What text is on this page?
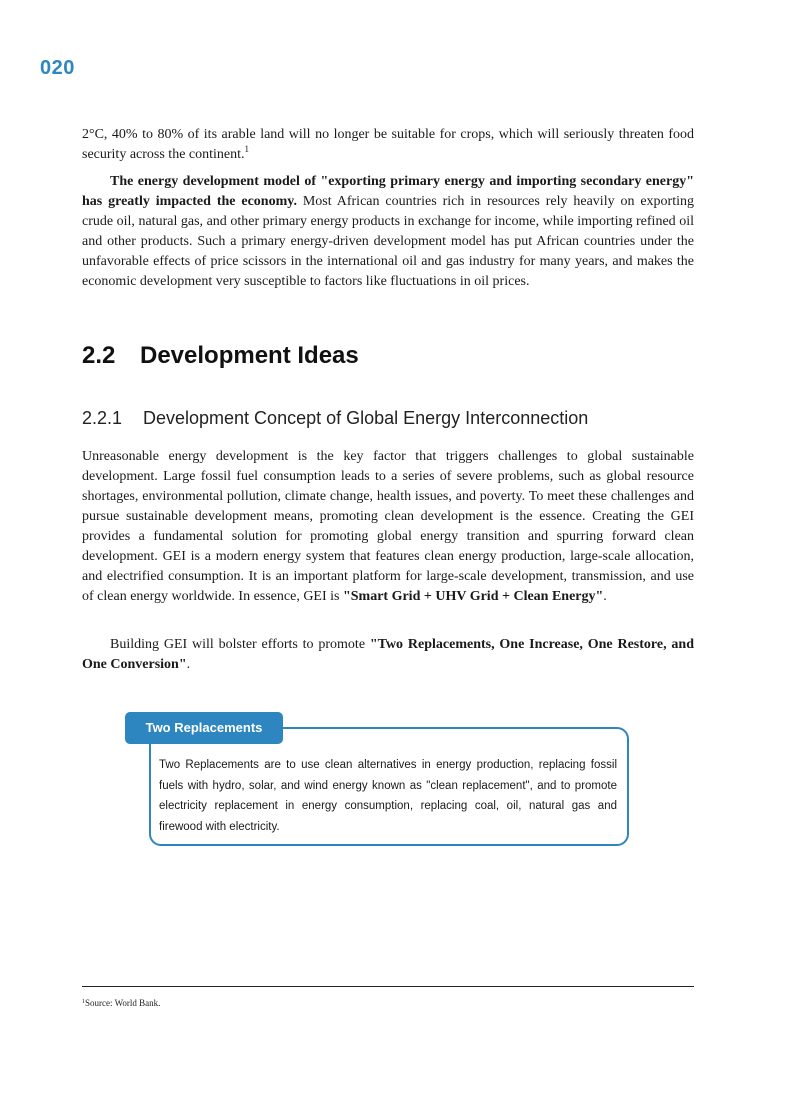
020

2°C, 40% to 80% of its arable land will no longer be suitable for crops, which will seriously threaten food security across the continent.$^1$

The energy development model of "exporting primary energy and importing secondary energy" has greatly impacted the economy. Most African countries rich in resources rely heavily on exporting crude oil, natural gas, and other primary energy products in exchange for income, while importing refined oil and other products. Such a primary energy-driven development model has put African countries under the unfavorable effects of price scissors in the international oil and gas industry for many years, and makes the economic development very susceptible to factors like fluctuations in oil prices.

2.2 Development Ideas
2.2.1 Development Concept of Global Energy Interconnection

Unreasonable energy development is the key factor that triggers challenges to global sustainable development. Large fossil fuel consumption leads to a series of severe problems, such as global resource shortages, environmental pollution, climate change, health issues, and poverty. To meet these challenges and pursue sustainable development means, promoting clean development is the essence. Creating the GEI provides a fundamental solution for promoting global energy transition and spurring forward clean development. GEI is a modern energy system that features clean energy production, large-scale allocation, and electrified consumption. It is an important platform for large-scale development, transmission, and use of clean energy worldwide. In essence, GEI is "Smart Grid + UHV Grid + Clean Energy".

Building GEI will bolster efforts to promote "Two Replacements, One Increase, One Restore, and One Conversion".

Two Replacements are to use clean alternatives in energy production, replacing fossil fuels with hydro, solar, and wind energy known as "clean replacement", and to promote electricity replacement in energy consumption, replacing coal, oil, natural gas and firewood with electricity.

Two Replacements

$^1$Source: World Bank.
